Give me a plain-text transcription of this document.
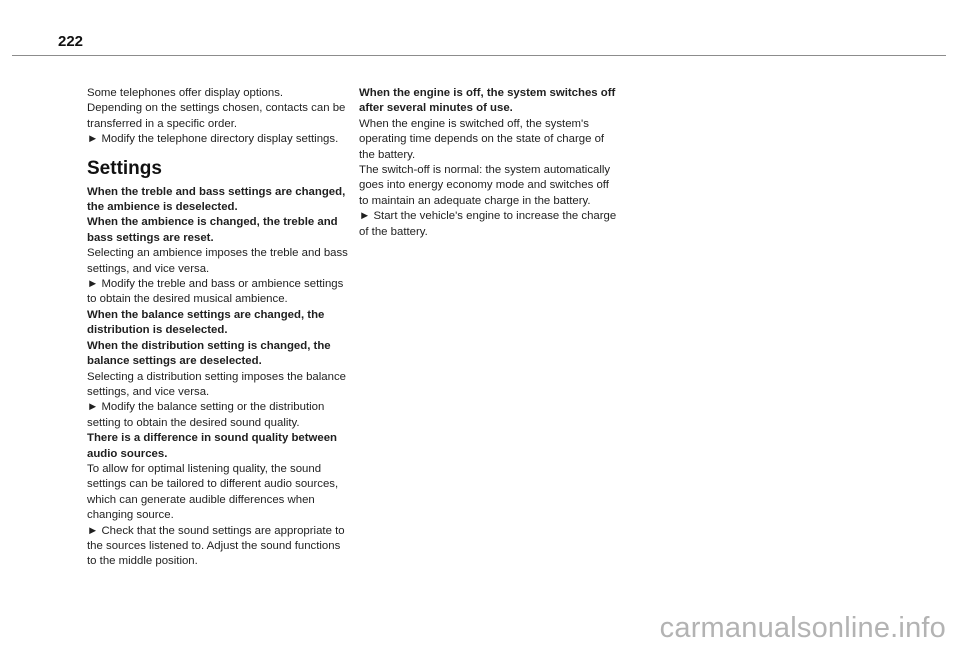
222

Some telephones offer display options.

Depending on the settings chosen, contacts can be transferred in a specific order.

► Modify the telephone directory display settings.

Settings

When the treble and bass settings are changed, the ambience is deselected.

When the ambience is changed, the treble and bass settings are reset.

Selecting an ambience imposes the treble and bass settings, and vice versa.

► Modify the treble and bass or ambience settings to obtain the desired musical ambience.

When the balance settings are changed, the distribution is deselected.

When the distribution setting is changed, the balance settings are deselected.

Selecting a distribution setting imposes the balance settings, and vice versa.

► Modify the balance setting or the distribution setting to obtain the desired sound quality.

There is a difference in sound quality between audio sources.

To allow for optimal listening quality, the sound settings can be tailored to different audio sources, which can generate audible differences when changing source.

► Check that the sound settings are appropriate to the sources listened to. Adjust the sound functions to the middle position.

When the engine is off, the system switches off after several minutes of use.

When the engine is switched off, the system's operating time depends on the state of charge of the battery.

The switch-off is normal: the system automatically goes into energy economy mode and switches off to maintain an adequate charge in the battery.

► Start the vehicle's engine to increase the charge of the battery.

carmanualsonline.info
